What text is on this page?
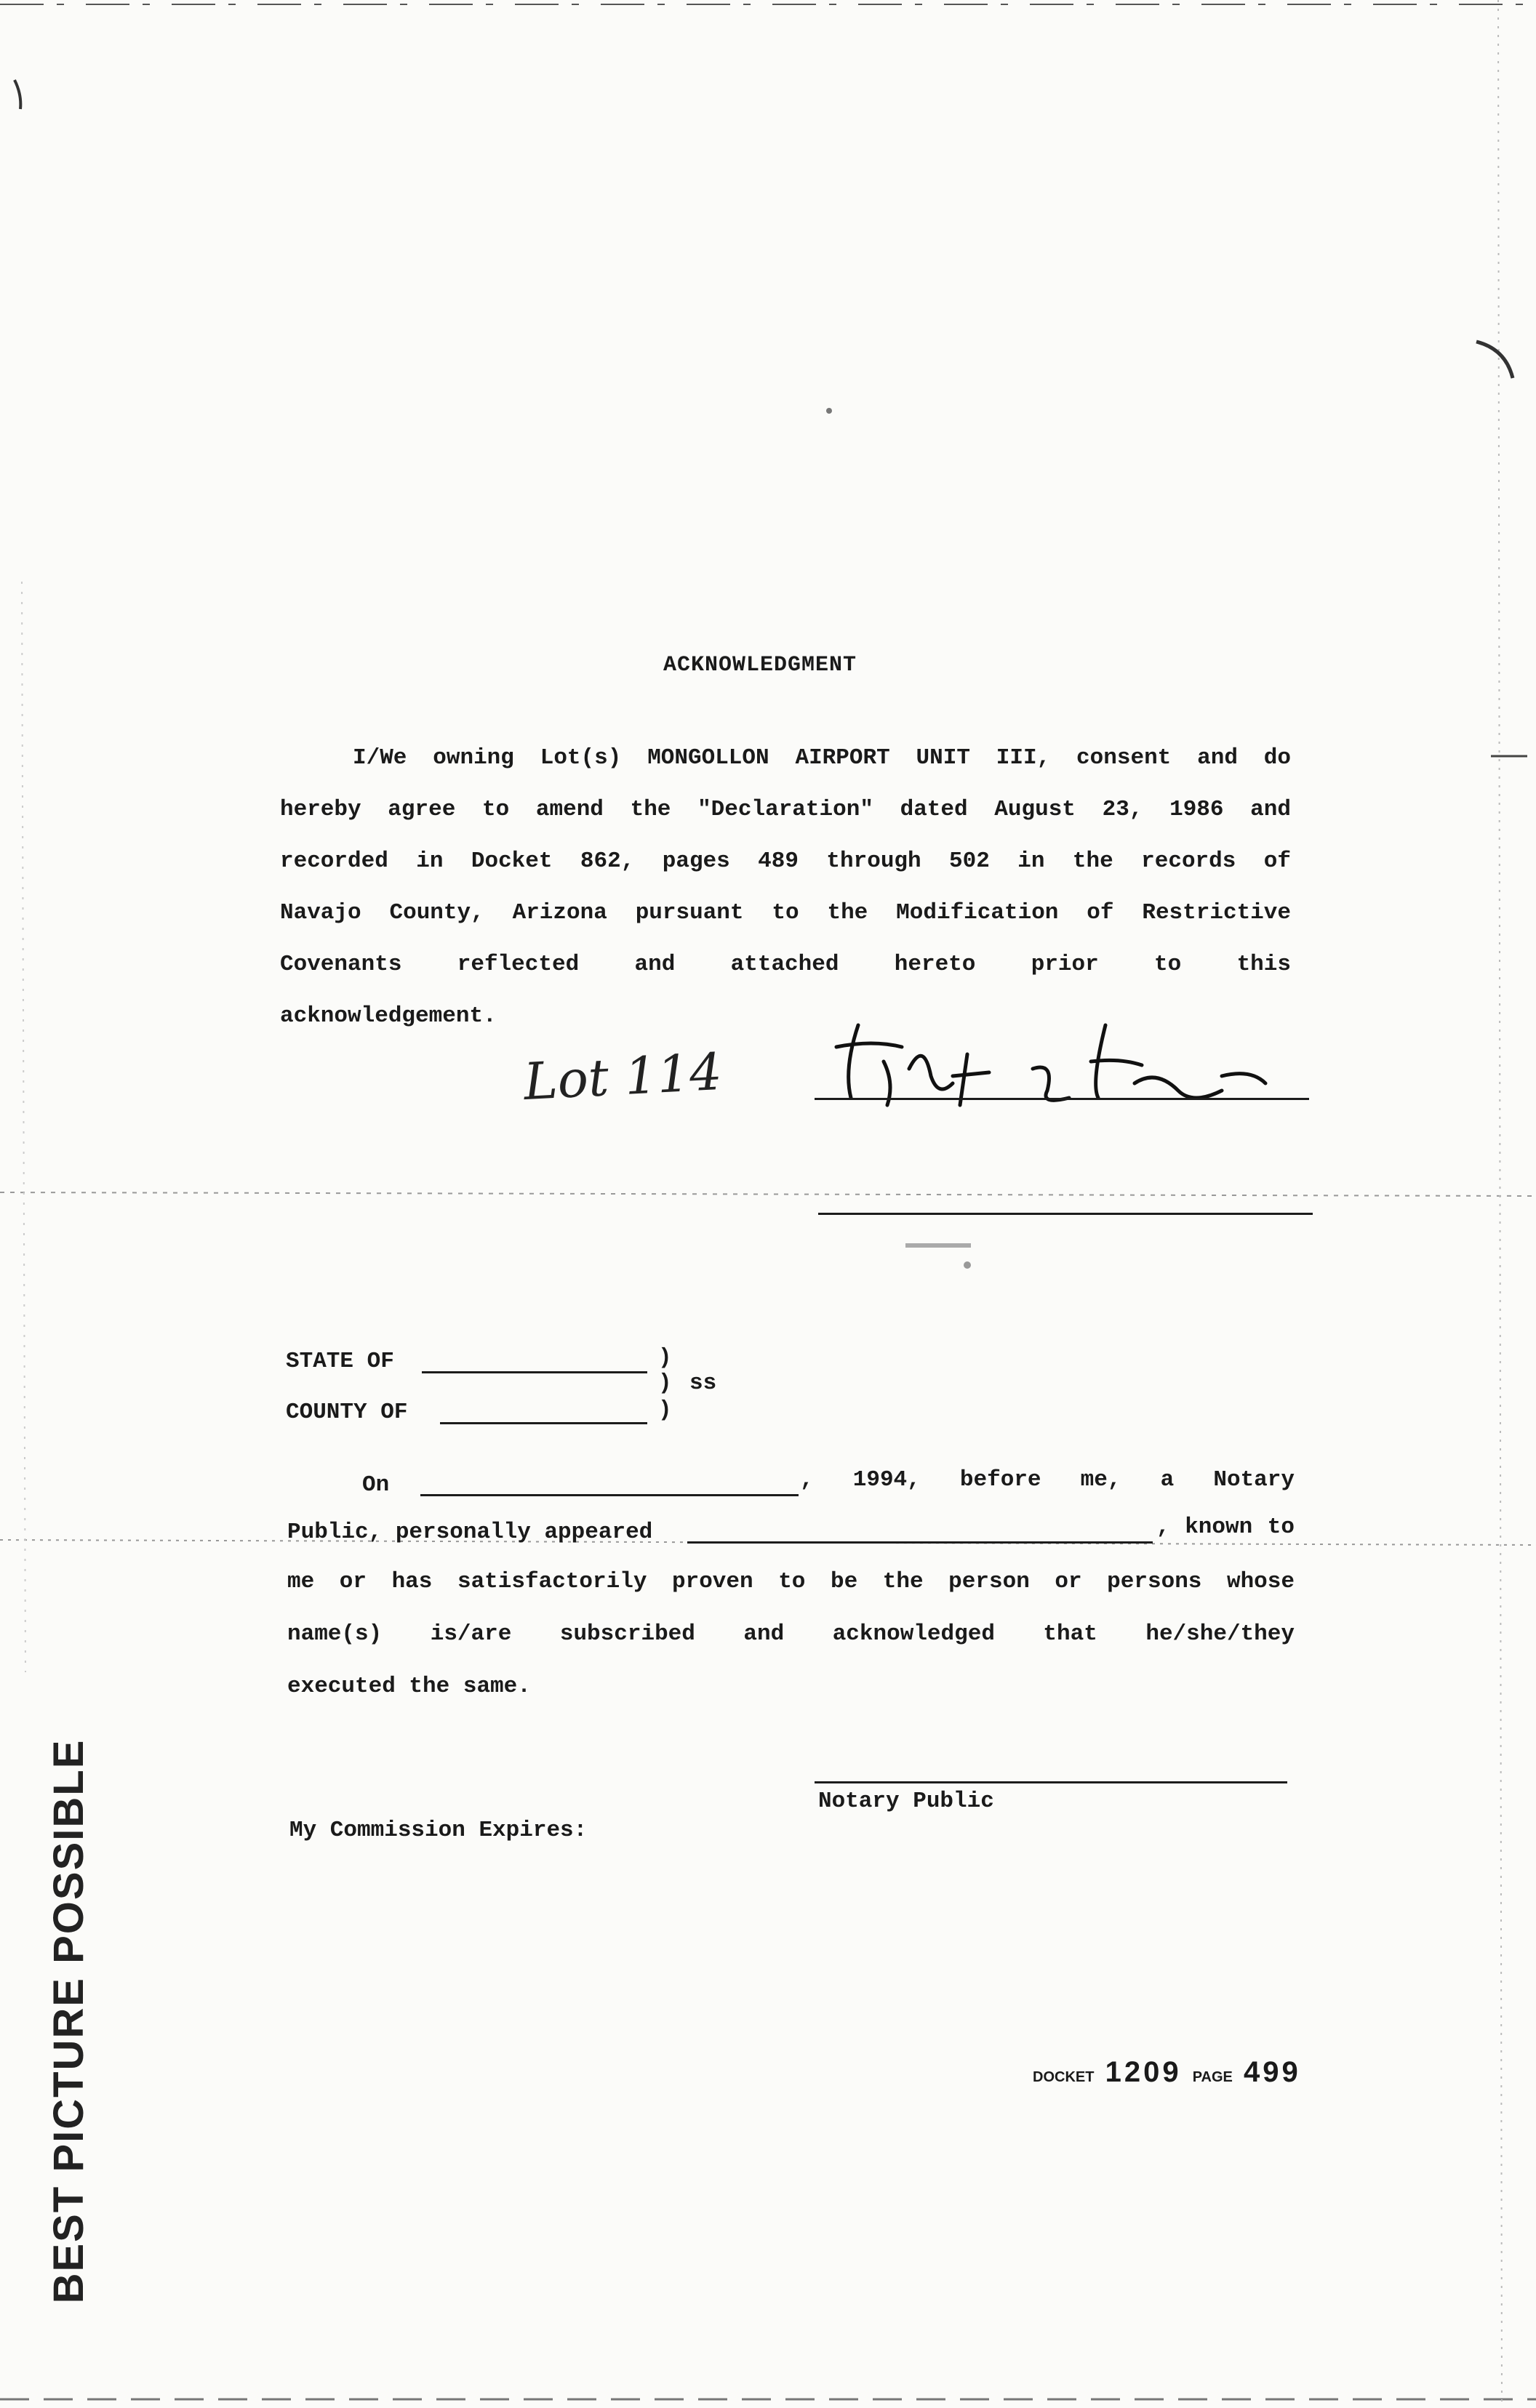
ACKNOWLEDGMENT
I/We owning Lot(s) MONGOLLON AIRPORT UNIT III, consent and do
hereby agree to amend the "Declaration" dated August 23, 1986 and
recorded in Docket 862, pages 489 through 502 in the records of
Navajo County, Arizona pursuant to the Modification of Restrictive
Covenants reflected and attached hereto prior to this
acknowledgement.
Lot 114
STATE OF	)
) ss
COUNTY OF	)
On	, 1994, before me, a Notary
Public, personally appeared	, known to
me or has satisfactorily proven to be the person or persons whose
name(s) is/are subscribed and acknowledged that he/she/they
executed the same.
Notary Public
My Commission Expires:
DOCKET 1209 PAGE 499
BEST PICTURE POSSIBLE
